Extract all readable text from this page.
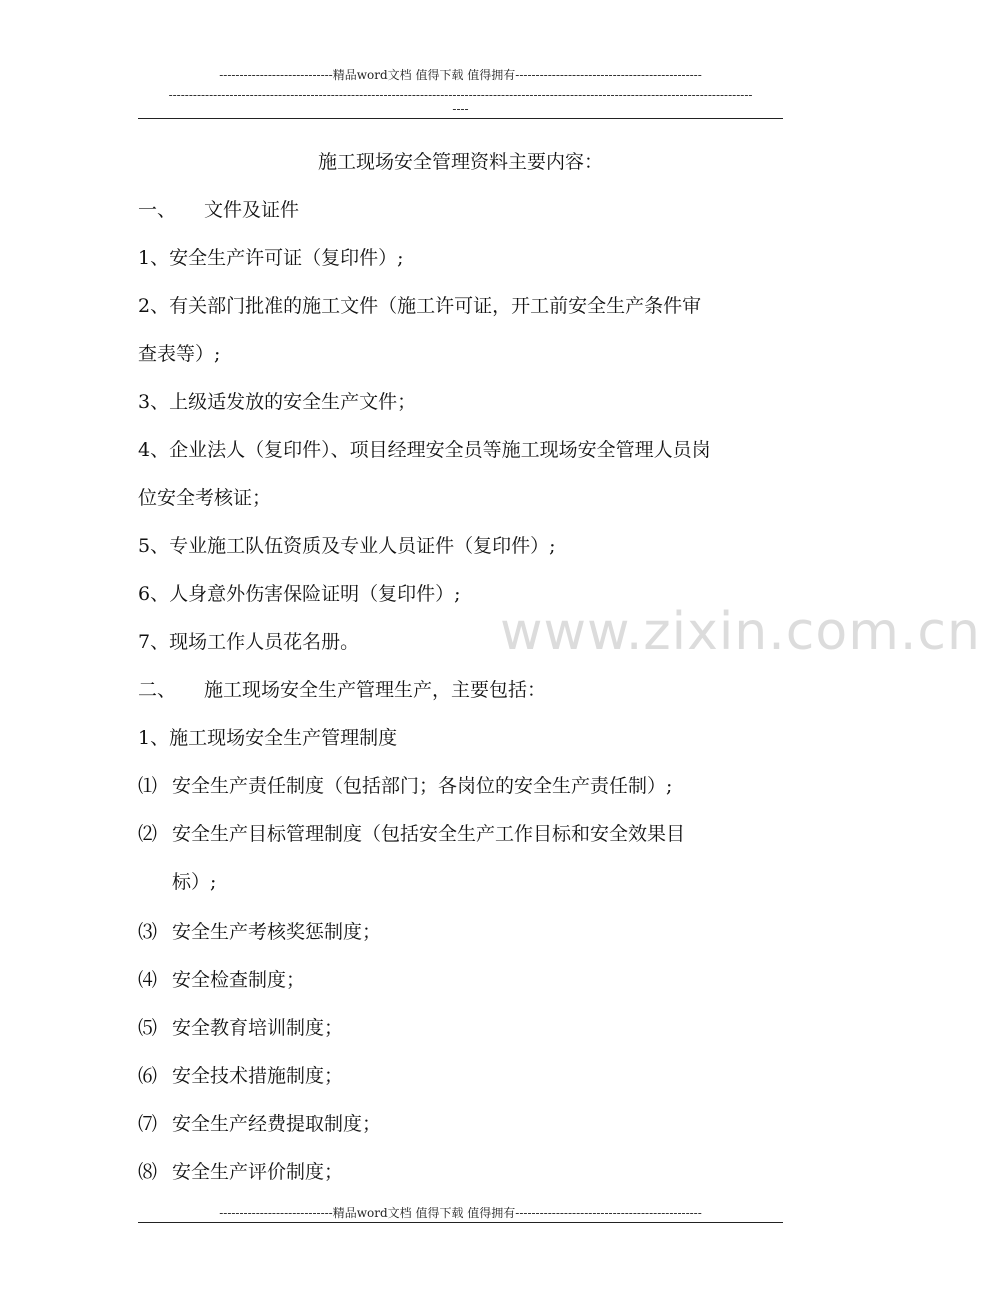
----------------------------精品word文档 值得下载 值得拥有----------------------------------------------
------------------------------------------------------------------------------------------------------------------------------------------------
----
施工现场安全管理资料主要内容：
一、 文件及证件
1、安全生产许可证（复印件）;
2、有关部门批准的施工文件（施工许可证，开工前安全生产条件审
查表等）;
3、上级适发放的安全生产文件；
4、企业法人（复印件）、项目经理安全员等施工现场安全管理人员岗
位安全考核证；
5、专业施工队伍资质及专业人员证件（复印件）;
6、人身意外伤害保险证明（复印件）;
7、现场工作人员花名册。
二、 施工现场安全生产管理生产，主要包括：
1、施工现场安全生产管理制度
⑴ 安全生产责任制度（包括部门；各岗位的安全生产责任制）;
⑵ 安全生产目标管理制度（包括安全生产工作目标和安全效果目
标）;
⑶ 安全生产考核奖惩制度；
⑷ 安全检查制度；
⑸ 安全教育培训制度；
⑹ 安全技术措施制度；
⑺ 安全生产经费提取制度；
⑻ 安全生产评价制度；
www.zixin.com.cn
----------------------------精品word文档 值得下载 值得拥有----------------------------------------------
